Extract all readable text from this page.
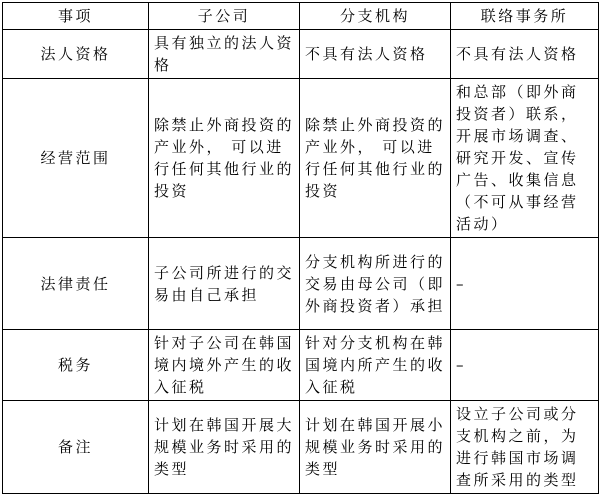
事项	子公司	分支机构	联络事务所
法人资格	具有独立的法人资格	不具有法人资格	不具有法人资格
经营范围	除禁止外商投资的产业外， 可以进行任何其他行业的投资	除禁止外商投资的产业外， 可以进行任何其他行业的投资	和总部（即外商投资者）联系，开展市场调查、研究开发、宣传广告、收集信息（不可从事经营活动）
法律责任	子公司所进行的交易由自己承担	分支机构所进行的交易由母公司（即外商投资者）承担	–
税务	针对子公司在韩国境内境外产生的收入征税	针对分支机构在韩国境内所产生的收入征税	–
备注	计划在韩国开展大规模业务时采用的类型	计划在韩国开展小规模业务时采用的类型	设立子公司或分支机构之前，为进行韩国市场调查所采用的类型
